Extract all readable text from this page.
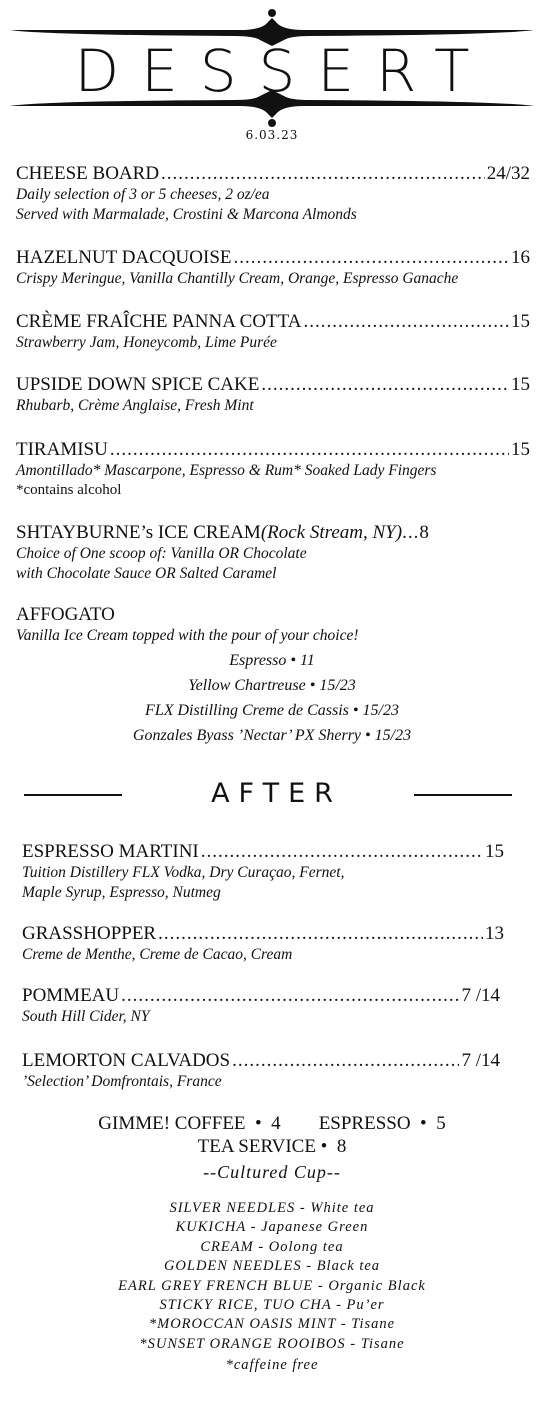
DESSERT
6.03.23
CHEESE BOARD .....	24/32
Daily selection of 3 or 5 cheeses, 2 oz/ea
Served with Marmalade, Crostini & Marcona Almonds
HAZELNUT DACQUOISE .....	16
Crispy Meringue, Vanilla Chantilly Cream, Orange, Espresso Ganache
CRÈME FRAÎCHE PANNA COTTA .....	15
Strawberry Jam, Honeycomb, Lime Purée
UPSIDE DOWN SPICE CAKE .....	15
Rhubarb, Crème Anglaise, Fresh Mint
TIRAMISU .....	15
Amontillado* Mascarpone, Espresso & Rum* Soaked Lady Fingers
*contains alcohol
SHTAYBURNE’s ICE CREAM (Rock Stream, NY) ... 8
Choice of One scoop of: Vanilla OR Chocolate
with Chocolate Sauce OR Salted Caramel
AFFOGATO
Vanilla Ice Cream topped with the pour of your choice!
Espresso • 11
Yellow Chartreuse • 15/23
FLX Distilling Creme de Cassis • 15/23
Gonzales Byass ’Nectar’ PX Sherry • 15/23
AFTER
ESPRESSO MARTINI .....	15
Tuition Distillery FLX Vodka, Dry Curaçao, Fernet,
Maple Syrup, Espresso, Nutmeg
GRASSHOPPER .....	13
Creme de Menthe, Creme de Cacao, Cream
POMMEAU .....	7 /14
South Hill Cider, NY
LEMORTON CALVADOS .....	7 /14
’Selection’ Domfrontais, France
GIMME! COFFEE  •  4 ESPRESSO  •  5
TEA SERVICE •  8
--Cultured Cup--
SILVER NEEDLES - White tea
KUKICHA - Japanese Green
CREAM - Oolong tea
GOLDEN NEEDLES - Black tea
EARL GREY FRENCH BLUE - Organic Black
STICKY RICE, TUO CHA - Pu’er
*MOROCCAN OASIS MINT - Tisane
*SUNSET ORANGE ROOIBOS - Tisane
*caffeine free
